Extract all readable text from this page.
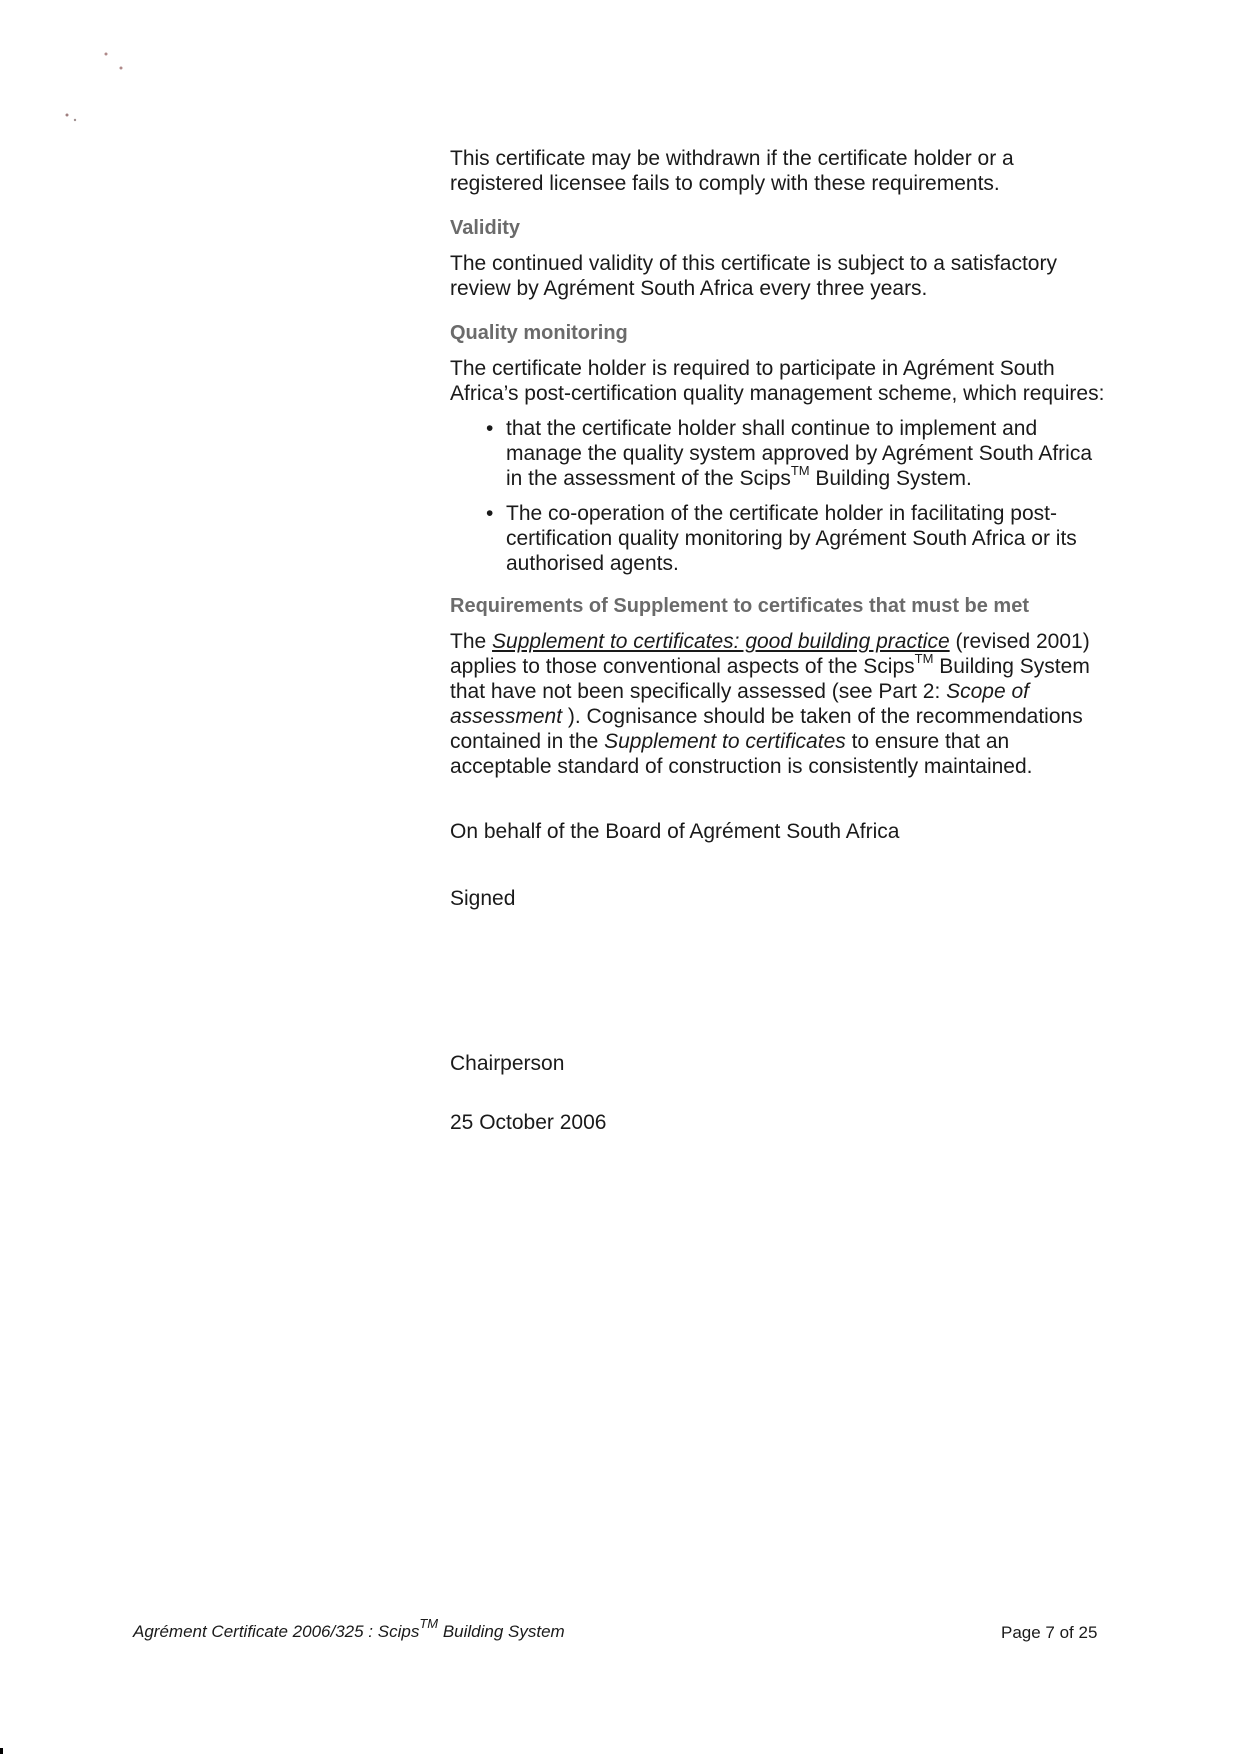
This certificate may be withdrawn if the certificate holder or a registered licensee fails to comply with these requirements.

Validity

The continued validity of this certificate is subject to a satisfactory review by Agrément South Africa every three years.

Quality monitoring

The certificate holder is required to participate in Agrément South Africa’s post-certification quality management scheme, which requires:

• that the certificate holder shall continue to implement and manage the quality system approved by Agrément South Africa in the assessment of the Scips™ Building System.
• The co-operation of the certificate holder in facilitating post-certification quality monitoring by Agrément South Africa or its authorised agents.
Requirements of Supplement to certificates that must be met

The Supplement to certificates: good building practice (revised 2001) applies to those conventional aspects of the Scips™ Building System that have not been specifically assessed (see Part 2: Scope of assessment ). Cognisance should be taken of the recommendations contained in the Supplement to certificates to ensure that an acceptable standard of construction is consistently maintained.

On behalf of the Board of Agrément South Africa

Signed

Chairperson

25 October 2006

Agrément Certificate 2006/325 : Scips™ Building System	Page 7 of 25
